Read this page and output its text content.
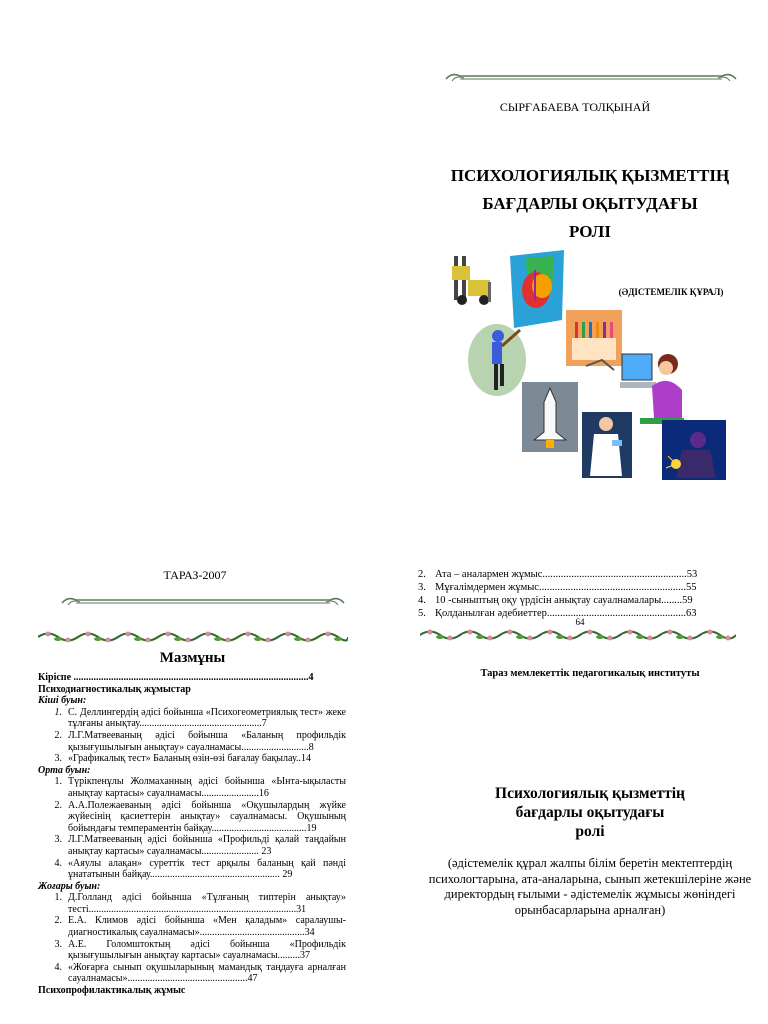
СЫРҒАБАЕВА ТОЛҚЫНАЙ
ПСИХОЛОГИЯЛЫҚ ҚЫЗМЕТТІҢ
БАҒДАРЛЫ ОҚЫТУДАҒЫ
РОЛІ
(ӘДІСТЕМЕЛІК ҚҰРАЛ)
ТАРАЗ-2007	2. Ата – аналармен жұмыс.......................................................53
3. Мұғалімдермен жұмыс........................................................55
4. 10 -сыныптың оқу үрдісін анықтау сауалнамалары........59
5. Қолданылған әдебиеттер.....................................................63
64
Тараз мемлекеттік педагогикалық институты
Психологиялық қызметтің
бағдарлы оқытудағы
ролі
(әдістемелік құрал жалпы білім беретін мектептердің психологтарына, ата-аналарына, сынып жетекшілеріне және директордың ғылыми - әдістемелік жұмысы жөніндегі орынбасарларына арналған)
Мазмұны
Кіріспе ..............................................................................................4
Психодиагностикалық жұмыстар
Кіші буын:
1. С. Деллингердің әдісі бойынша «Психогеометриялық тест» жеке тұлғаны анықтау.................................................7
2. Л.Г.Матвееваның әдісі бойынша «Баланың профильдік қызығушылығын анықтау» сауалнамасы...........................8
3. «Графикалық тест» Баланың өзін-өзі бағалау бақылау..14
Орта буын:
1. Түрікпенұлы Жолмаханның әдісі бойынша «Ынта-ықыласты анықтау картасы» сауалнамасы.......................16
2. А.А.Полежаеваның әдісі бойынша «Оқушылардың жүйке жүйесінің қасиеттерін анықтау» сауалнамасы. Оқушының бойындағы темпераментін байқау......................................19
3. Л.Г.Матвееваның әдісі бойынша «Профильді қалай таңдайын анықтау картасы» сауалнамасы....................... 23
4. «Аяулы алақан» суреттік тест арқылы баланың қай пәнді ұнататынын байқау.................................................... 29
Жоғары буын:
1. Д.Голланд әдісі бойынша «Тұлғаның типтерін анықтау» тесті...................................................................................31
2. Е.А. Климов әдісі бойынша «Мен қаладым» саралаушы-диагностикалық сауалнамасы»..........................................34
3. А.Е. Голомштоктың әдісі бойынша «Профильдік қызығушылығын анықтау картасы» сауалнамасы.........37
4. «Жоғарға сынып оқушыларының мамандық таңдауға арналған сауалнамасы»................................................47
Психопрофилактикалық жұмыс
